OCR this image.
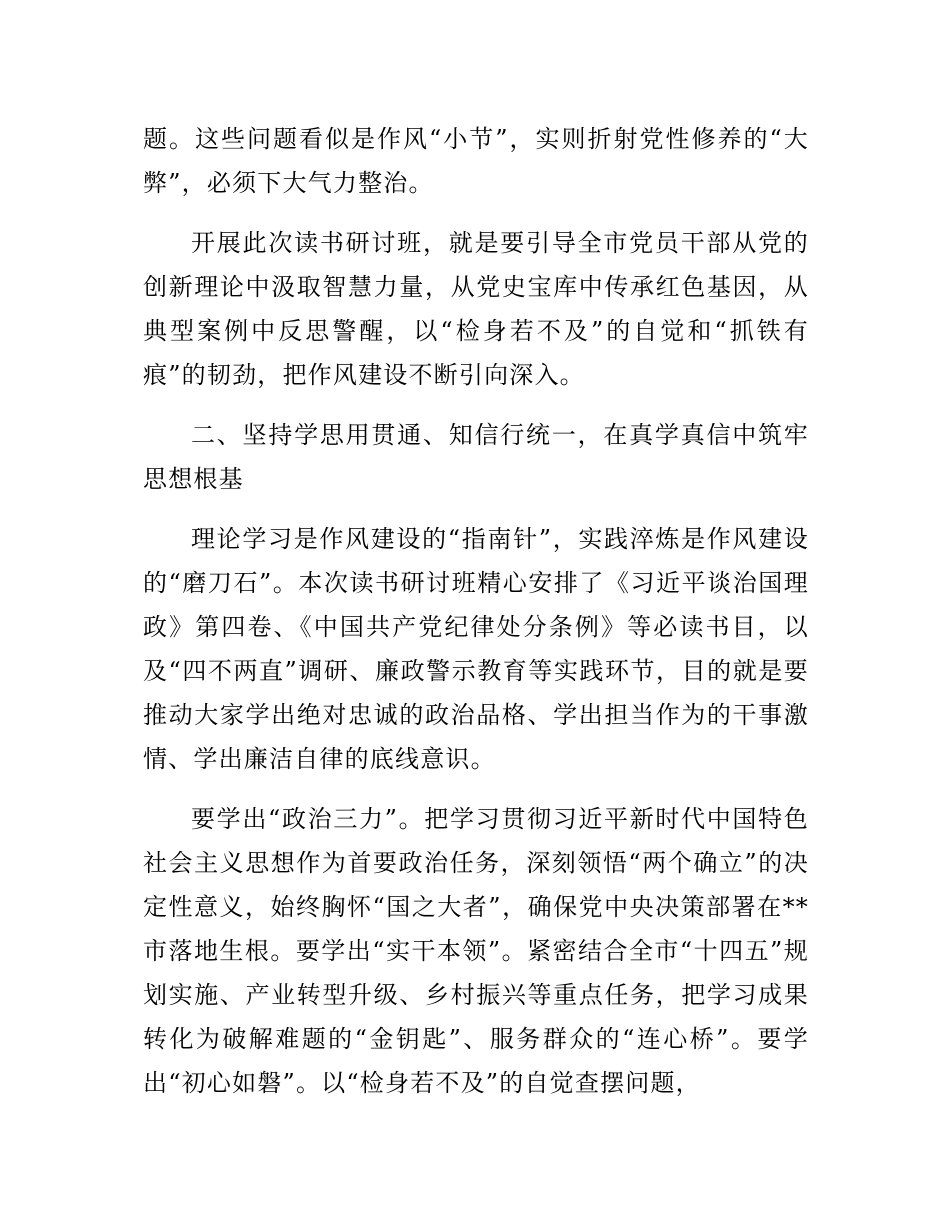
题。这些问题看似是作风“小节”，实则折射党性修养的“大弊”，必须下大气力整治。

开展此次读书研讨班，就是要引导全市党员干部从党的创新理论中汲取智慧力量，从党史宝库中传承红色基因，从典型案例中反思警醒，以“检身若不及”的自觉和“抓铁有痕”的韧劲，把作风建设不断引向深入。

二、坚持学思用贯通、知信行统一，在真学真信中筑牢思想根基

理论学习是作风建设的“指南针”，实践淬炼是作风建设的“磨刀石”。本次读书研讨班精心安排了《习近平谈治国理政》第四卷、《中国共产党纪律处分条例》等必读书目，以及“四不两直”调研、廉政警示教育等实践环节，目的就是要推动大家学出绝对忠诚的政治品格、学出担当作为的干事激情、学出廉洁自律的底线意识。

要学出“政治三力”。把学习贯彻习近平新时代中国特色社会主义思想作为首要政治任务，深刻领悟“两个确立”的决定性意义，始终胸怀“国之大者”，确保党中央决策部署在**市落地生根。要学出“实干本领”。紧密结合全市“十四五”规划实施、产业转型升级、乡村振兴等重点任务，把学习成果转化为破解难题的“金钥匙”、服务群众的“连心桥”。要学出“初心如磐”。以“检身若不及”的自觉查摆问题，
